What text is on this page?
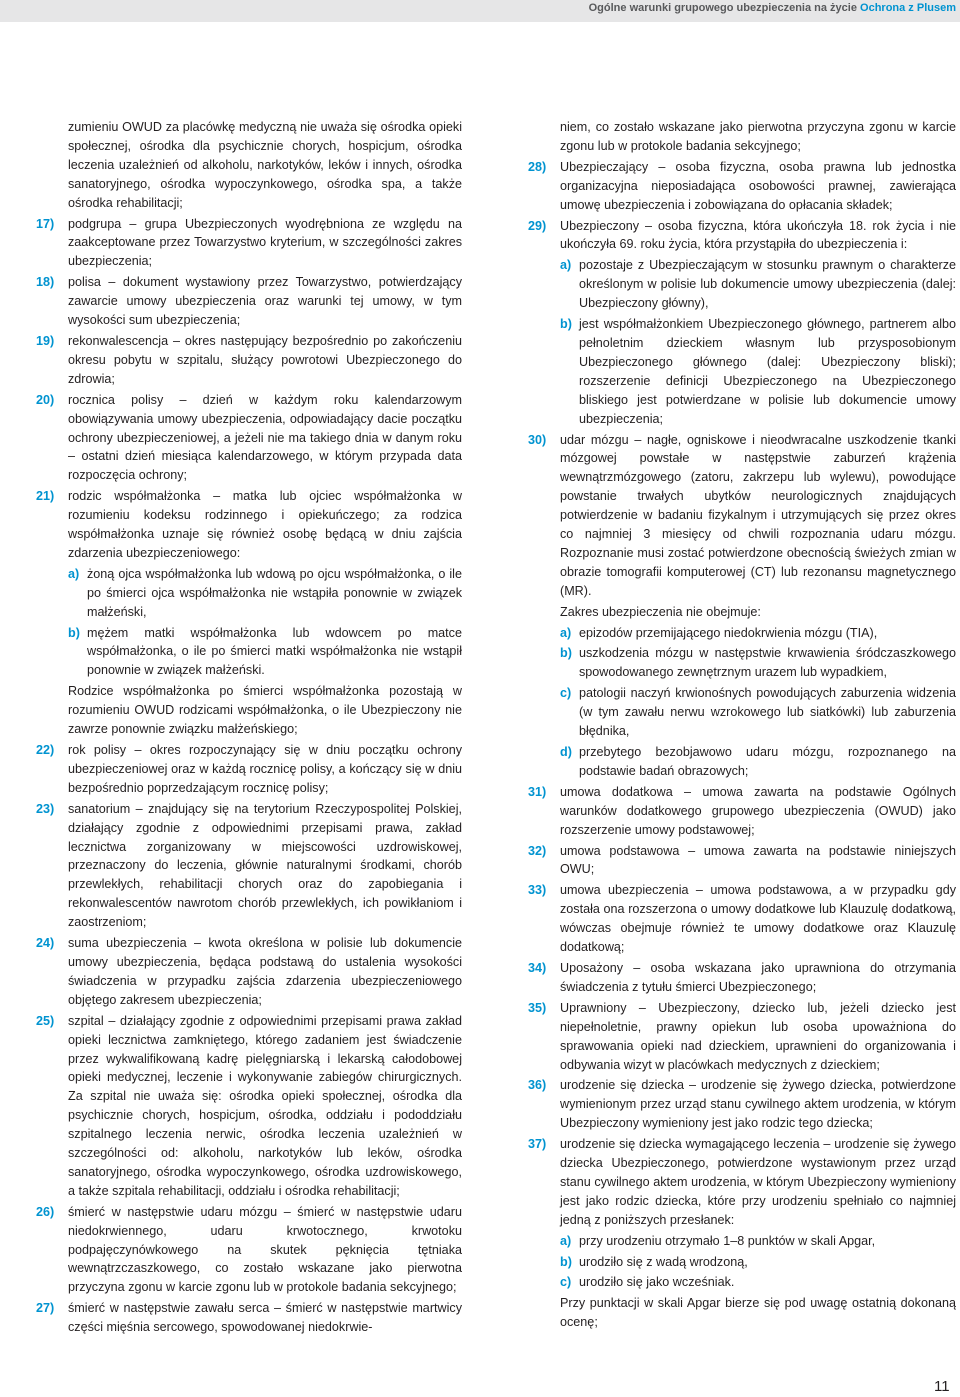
Ogólne warunki grupowego ubezpieczenia na życie Ochrona z Plusem

zumieniu OWUD za placówkę medyczną nie uważa się ośrodka opieki społecznej, ośrodka dla psychicznie chorych, hospicjum, ośrodka leczenia uzależnień od alkoholu, narkotyków, leków i innych, ośrodka sanatoryjnego, ośrodka wypoczynkowego, ośrodka spa, a także ośrodka rehabilitacji;

17) podgrupa – grupa Ubezpieczonych wyodrębniona ze względu na zaakceptowane przez Towarzystwo kryterium, w szczególności zakres ubezpieczenia;
18) polisa – dokument wystawiony przez Towarzystwo, potwierdzający zawarcie umowy ubezpieczenia oraz warunki tej umowy, w tym wysokości sum ubezpieczenia;
19) rekonwalescencja – okres następujący bezpośrednio po zakończeniu okresu pobytu w szpitalu, służący powrotowi Ubezpieczonego do zdrowia;
20) rocznica polisy – dzień w każdym roku kalendarzowym obowiązywania umowy ubezpieczenia, odpowiadający dacie początku ochrony ubezpieczeniowej, a jeżeli nie ma takiego dnia w danym roku – ostatni dzień miesiąca kalendarzowego, w którym przypada data rozpoczęcia ochrony;
21) rodzic współmałżonka – matka lub ojciec współmałżonka w rozumieniu kodeksu rodzinnego i opiekuńczego; za rodzica współmałżonka uznaje się również osobę będącą w dniu zajścia zdarzenia ubezpieczeniowego:
a) żoną ojca współmałżonka lub wdową po ojcu współmałżonka, o ile po śmierci ojca współmałżonka nie wstąpiła ponownie w związek małżeński,
b) mężem matki współmałżonka lub wdowcem po matce współmałżonka, o ile po śmierci matki współmałżonka nie wstąpił ponownie w związek małżeński.

Rodzice współmałżonka po śmierci współmałżonka pozostają w rozumieniu OWUD rodzicami współmałżonka, o ile Ubezpieczony nie zawrze ponownie związku małżeńskiego;

22) rok polisy – okres rozpoczynający się w dniu początku ochrony ubezpieczeniowej oraz w każdą rocznicę polisy, a kończący się w dniu bezpośrednio poprzedzającym rocznicę polisy;
23) sanatorium – znajdujący się na terytorium Rzeczypospolitej Polskiej, działający zgodnie z odpowiednimi przepisami prawa, zakład lecznictwa zorganizowany w miejscowości uzdrowiskowej, przeznaczony do leczenia, głównie naturalnymi środkami, chorób przewlekłych, rehabilitacji chorych oraz do zapobiegania i rekonwalescentów nawrotom chorób przewlekłych, ich powikłaniom i zaostrzeniom;
24) suma ubezpieczenia – kwota określona w polisie lub dokumencie umowy ubezpieczenia, będąca podstawą do ustalenia wysokości świadczenia w przypadku zajścia zdarzenia ubezpieczeniowego objętego zakresem ubezpieczenia;
25) szpital – działający zgodnie z odpowiednimi przepisami prawa zakład opieki lecznictwa zamkniętego, którego zadaniem jest świadczenie przez wykwalifikowaną kadrę pielęgniarską i lekarską całodobowej opieki medycznej, leczenie i wykonywanie zabiegów chirurgicznych. Za szpital nie uważa się: ośrodka opieki społecznej, ośrodka dla psychicznie chorych, hospicjum, ośrodka, oddziału i pododdziału szpitalnego leczenia nerwic, ośrodka leczenia uzależnień w szczególności od: alkoholu, narkotyków lub leków, ośrodka sanatoryjnego, ośrodka wypoczynkowego, ośrodka uzdrowiskowego, a także szpitala rehabilitacji, oddziału i ośrodka rehabilitacji;
26) śmierć w następstwie udaru mózgu – śmierć w następstwie udaru niedokrwiennego, udaru krwotocznego, krwotoku podpajęczynówkowego na skutek pęknięcia tętniaka wewnątrzczaszkowego, co zostało wskazane jako pierwotna przyczyna zgonu w karcie zgonu lub w protokole badania sekcyjnego;
27) śmierć w następstwie zawału serca – śmierć w następstwie martwicy części mięśnia sercowego, spowodowanej niedokrwie-

niem, co zostało wskazane jako pierwotna przyczyna zgonu w karcie zgonu lub w protokole badania sekcyjnego;

28) Ubezpieczający – osoba fizyczna, osoba prawna lub jednostka organizacyjna nieposiadająca osobowości prawnej, zawierająca umowę ubezpieczenia i zobowiązana do opłacania składek;
29) Ubezpieczony – osoba fizyczna, która ukończyła 18. rok życia i nie ukończyła 69. roku życia, która przystąpiła do ubezpieczenia i:
a) pozostaje z Ubezpieczającym w stosunku prawnym o charakterze określonym w polisie lub dokumencie umowy ubezpieczenia (dalej: Ubezpieczony główny),
b) jest współmałżonkiem Ubezpieczonego głównego, partnerem albo pełnoletnim dzieckiem własnym lub przysposobionym Ubezpieczonego głównego (dalej: Ubezpieczony bliski); rozszerzenie definicji Ubezpieczonego na Ubezpieczonego bliskiego jest potwierdzane w polisie lub dokumencie umowy ubezpieczenia;
30) udar mózgu – nagłe, ogniskowe i nieodwracalne uszkodzenie tkanki mózgowej powstałe w następstwie zaburzeń krążenia wewnątrzmózgowego (zatoru, zakrzepu lub wylewu), powodujące powstanie trwałych ubytków neurologicznych znajdujących potwierdzenie w badaniu fizykalnym i utrzymujących się przez okres co najmniej 3 miesięcy od chwili rozpoznania udaru mózgu. Rozpoznanie musi zostać potwierdzone obecnością świeżych zmian w obrazie tomografii komputerowej (CT) lub rezonansu magnetycznego (MR).

Zakres ubezpieczenia nie obejmuje:

a) epizodów przemijającego niedokrwienia mózgu (TIA),
b) uszkodzenia mózgu w następstwie krwawienia śródczaszkowego spowodowanego zewnętrznym urazem lub wypadkiem,
c) patologii naczyń krwionośnych powodujących zaburzenia widzenia (w tym zawału nerwu wzrokowego lub siatkówki) lub zaburzenia błędnika,
d) przebytego bezobjawowo udaru mózgu, rozpoznanego na podstawie badań obrazowych;
31) umowa dodatkowa – umowa zawarta na podstawie Ogólnych warunków dodatkowego grupowego ubezpieczenia (OWUD) jako rozszerzenie umowy podstawowej;
32) umowa podstawowa – umowa zawarta na podstawie niniejszych OWU;
33) umowa ubezpieczenia – umowa podstawowa, a w przypadku gdy została ona rozszerzona o umowy dodatkowe lub Klauzulę dodatkową, wówczas obejmuje również te umowy dodatkowe oraz Klauzulę dodatkową;
34) Uposażony – osoba wskazana jako uprawniona do otrzymania świadczenia z tytułu śmierci Ubezpieczonego;
35) Uprawniony – Ubezpieczony, dziecko lub, jeżeli dziecko jest niepełnoletnie, prawny opiekun lub osoba upoważniona do sprawowania opieki nad dzieckiem, uprawnieni do organizowania i odbywania wizyt w placówkach medycznych z dzieckiem;
36) urodzenie się dziecka – urodzenie się żywego dziecka, potwierdzone wymienionym przez urząd stanu cywilnego aktem urodzenia, w którym Ubezpieczony wymieniony jest jako rodzic tego dziecka;
37) urodzenie się dziecka wymagającego leczenia – urodzenie się żywego dziecka Ubezpieczonego, potwierdzone wystawionym przez urząd stanu cywilnego aktem urodzenia, w którym Ubezpieczony wymieniony jest jako rodzic dziecka, które przy urodzeniu spełniało co najmniej jedną z poniższych przesłanek:
a) przy urodzeniu otrzymało 1–8 punktów w skali Apgar,
b) urodziło się z wadą wrodzoną,
c) urodziło się jako wcześniak.

Przy punktacji w skali Apgar bierze się pod uwagę ostatnią dokonaną ocenę;

11
